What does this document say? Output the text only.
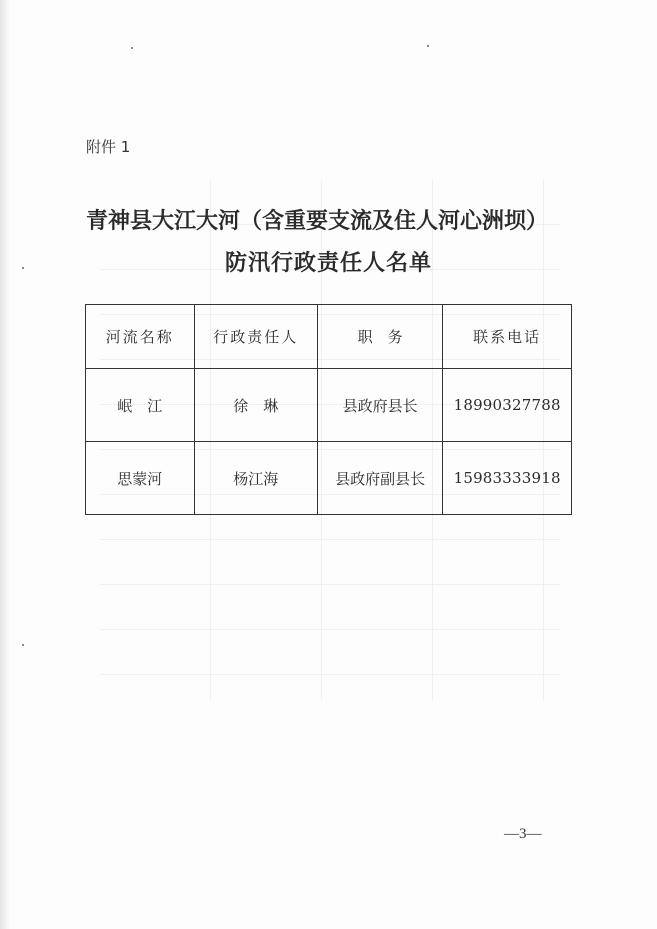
附件 1
青神县大江大河（含重要支流及住人河心洲坝）
防汛行政责任人名单
河流名称	行政责任人	职　务	联系电话
岷　江	徐　琳	县政府县长	18990327788
思蒙河	杨江海	县政府副县长	15983333918
—3—
